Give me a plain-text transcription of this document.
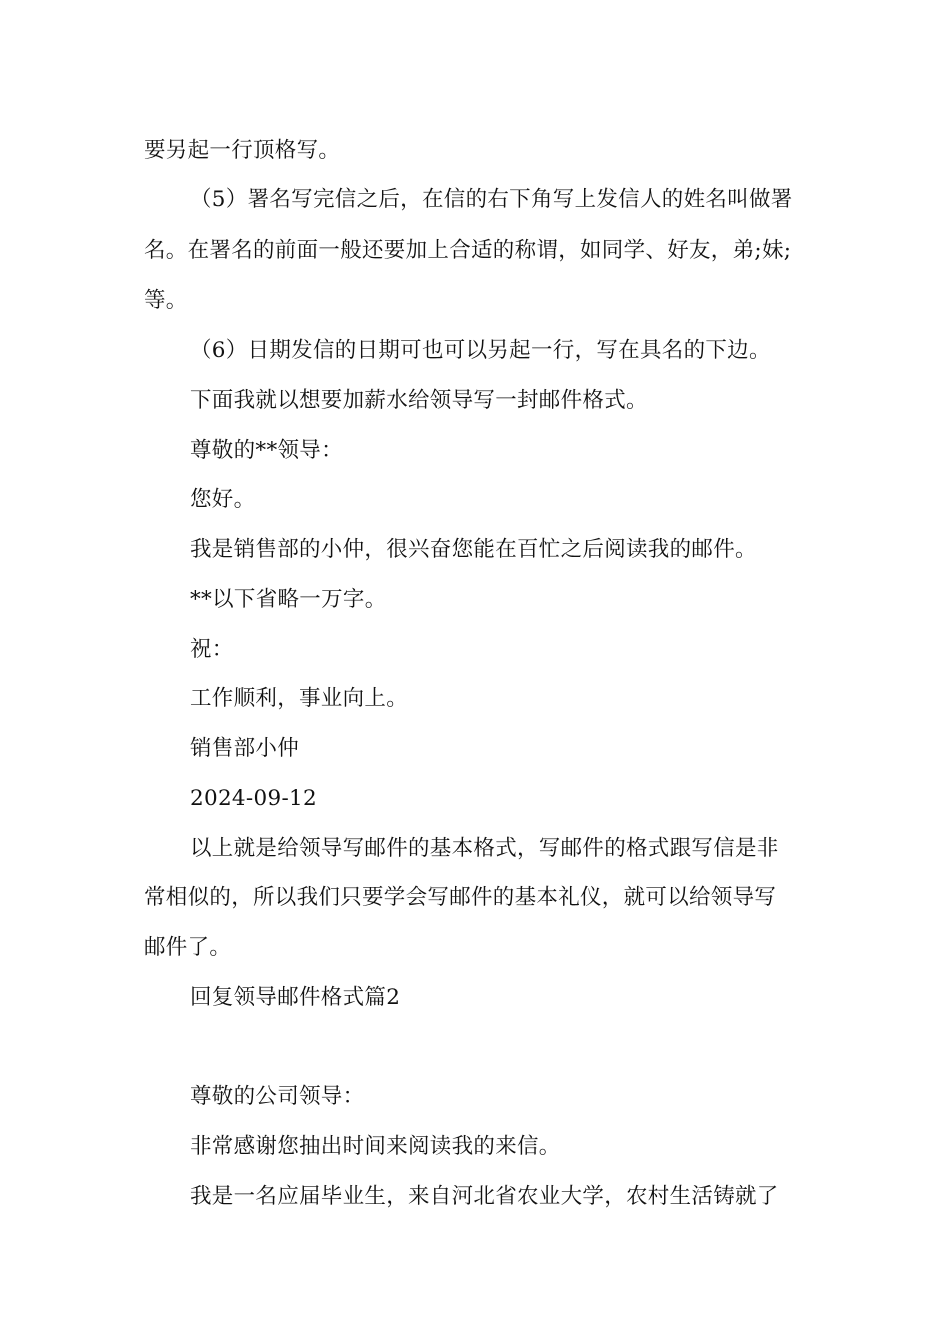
要另起一行顶格写。
（5）署名写完信之后，在信的右下角写上发信人的姓名叫做署
名。在署名的前面一般还要加上合适的称谓，如同学、好友，弟;妹;
等。
（6）日期发信的日期可也可以另起一行，写在具名的下边。
下面我就以想要加薪水给领导写一封邮件格式。
尊敬的**领导：
您好。
我是销售部的小仲，很兴奋您能在百忙之后阅读我的邮件。
**以下省略一万字。
祝：
工作顺利，事业向上。
销售部小仲
2024-09-12
以上就是给领导写邮件的基本格式，写邮件的格式跟写信是非
常相似的，所以我们只要学会写邮件的基本礼仪，就可以给领导写
邮件了。
回复领导邮件格式篇2
尊敬的公司领导：
非常感谢您抽出时间来阅读我的来信。
我是一名应届毕业生，来自河北省农业大学，农村生活铸就了
